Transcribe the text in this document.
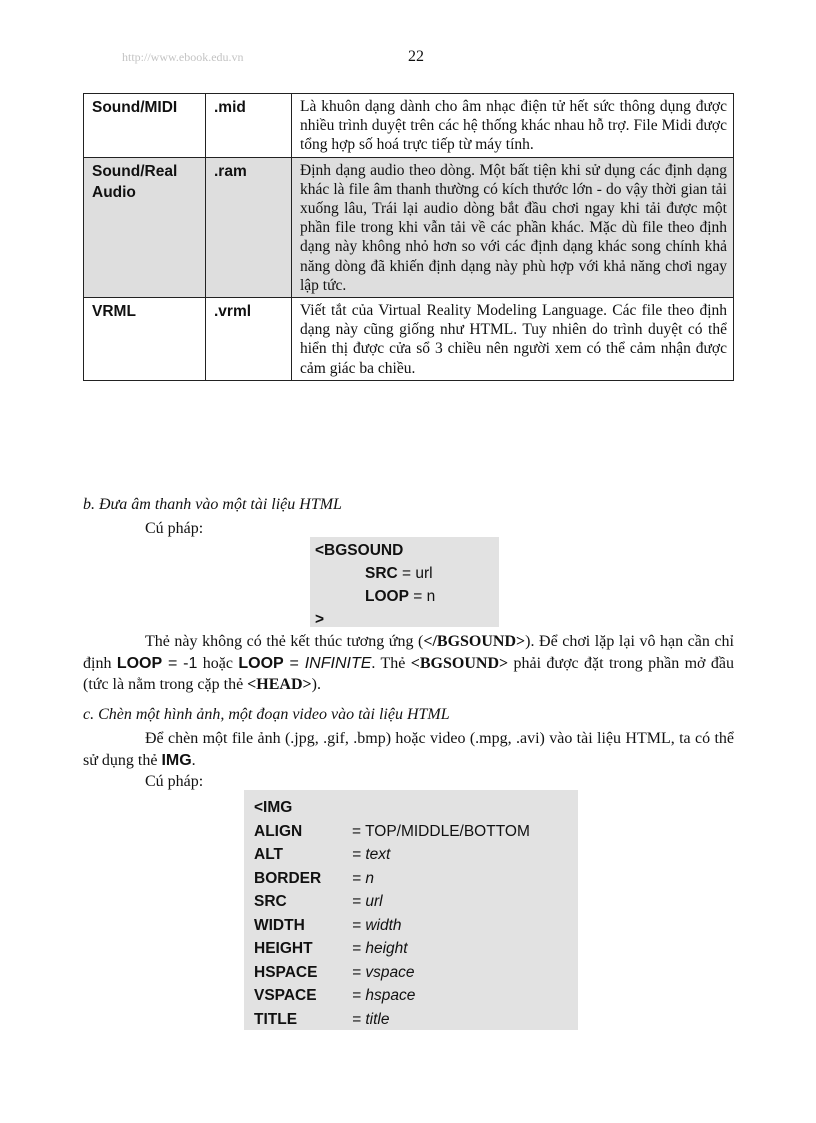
http://www.ebook.edu.vn	22
Sound/MIDI	.mid	Là khuôn dạng dành cho âm nhạc điện tử hết sức thông dụng được nhiều trình duyệt trên các hệ thống khác nhau hỗ trợ. File Midi được tổng hợp số hoá trực tiếp từ máy tính.
Sound/Real Audio	.ram	Định dạng audio theo dòng. Một bất tiện khi sử dụng các định dạng khác là file âm thanh thường có kích thước lớn - do vậy thời gian tải xuống lâu, Trái lại audio dòng bắt đầu chơi ngay khi tải được một phần file trong khi vẫn tải về các phần khác. Mặc dù file theo định dạng này không nhỏ hơn so với các định dạng khác song chính khả năng dòng đã khiến định dạng này phù hợp với khả năng chơi ngay lập tức.
VRML	.vrml	Viết tắt của Virtual Reality Modeling Language. Các file theo định dạng này cũng giống như HTML. Tuy nhiên do trình duyệt có thể hiển thị được cửa sổ 3 chiều nên người xem có thể cảm nhận được cảm giác ba chiều.
b. Đưa âm thanh vào một tài liệu HTML
Cú pháp:
<BGSOUND
SRC = url
LOOP = n
>
Thẻ này không có thẻ kết thúc tương ứng (</BGSOUND>). Để chơi lặp lại vô hạn cần chỉ định LOOP = -1 hoặc LOOP = INFINITE. Thẻ <BGSOUND> phải được đặt trong phần mở đầu (tức là nằm trong cặp thẻ <HEAD>).
c. Chèn một hình ảnh, một đoạn video vào tài liệu HTML
Để chèn một file ảnh (.jpg, .gif, .bmp) hoặc video (.mpg, .avi) vào tài liệu HTML, ta có thể sử dụng thẻ IMG.
Cú pháp:
<IMG
ALIGN	= TOP/MIDDLE/BOTTOM
ALT	= text
BORDER	= n
SRC	= url
WIDTH	= width
HEIGHT	= height
HSPACE	= vspace
VSPACE	= hspace
TITLE	= title
